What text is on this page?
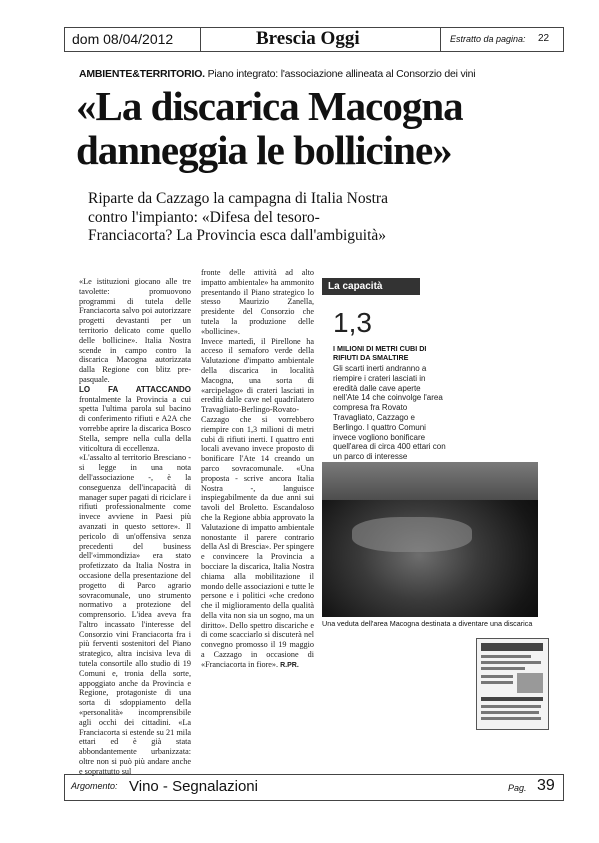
dom 08/04/2012	Brescia Oggi	Estratto da pagina: 22
AMBIENTE&TERRITORIO. Piano integrato: l'associazione allineata al Consorzio dei vini
«La discarica Macogna
danneggia le bollicine»
Riparte da Cazzago la campagna di Italia Nostra contro l'impianto: «Difesa del tesoro-Franciacorta? La Provincia esca dall'ambiguità»

«Le istituzioni giocano alle tre tavolette: promuovono programmi di tutela delle Franciacorta salvo poi autorizzare progetti devastanti per un territorio delicato come quello delle bollicine». Italia Nostra scende in campo contro la discarica Macogna autorizzata dalla Regione con blitz pre-pasquale.

LO FA ATTACCANDO frontalmente la Provincia a cui spetta l'ultima parola sul bacino di conferimento rifiuti e A2A che vorrebbe aprire la discarica Bosco Stella, sempre nella culla della viticoltura di eccellenza.

«L'assalto al territorio Bresciano - si legge in una nota dell'associazione -, è la conseguenza dell'incapacità di manager super pagati di riciclare i rifiuti professionalmente come invece avviene in Paesi più avanzati in questo settore». Il pericolo di un'offensiva senza precedenti del business dell'«immondizia» era stato profetizzato da Italia Nostra in occasione della presentazione del progetto di Parco agrario sovracomunale, uno strumento normativo a protezione del comprensorio. L'idea aveva fra l'altro incassato l'interesse del Consorzio vini Franciacorta fra i più ferventi sostenitori del Piano strategico, altra incisiva leva di tutela consortile allo studio di 19 Comuni e, tronia della sorte, appoggiato anche da Provincia e Regione, protagoniste di una sorta di sdoppiamento della «personalità» incomprensibile agli occhi dei cittadini. «La Franciacorta si estende su 21 mila ettari ed è già stata abbondantemente urbanizzata: oltre non si può più andare anche e soprattutto sul

fronte delle attività ad alto impatto ambientale» ha ammonito presentando il Piano strategico lo stesso Maurizio Zanella, presidente del Consorzio che tutela la produzione delle «bollicine».

Invece martedì, il Pirellone ha acceso il semaforo verde della Valutazione d'impatto ambientale della discarica in località Macogna, una sorta di «arcipelago» di crateri lasciati in eredità dalle cave nel quadrilatero Travagliato-Berlingo-Rovato-Cazzago che si vorrebbero riempire con 1,3 milioni di metri cubi di rifiuti inerti. I quattro enti locali avevano invece proposto di bonificare l'Ate 14 creando un parco sovracomunale. «Una proposta - scrive ancora Italia Nostra -, languisce inspiegabilmente da due anni sui tavoli del Broletto. Escandaloso che la Regione abbia approvato la Valutazione di impatto ambientale nonostante il parere contrario della Asl di Brescia». Per spingere e convincere la Provincia a bocciare la discarica, Italia Nostra chiama alla mobilitazione il mondo delle associazioni e tutte le persone e i politici «che credono che il miglioramento della qualità della vita non sia un sogno, ma un diritto». Dello spettro discariche e di come scacciarlo si discuterà nel convegno promosso il 19 maggio a Cazzago in occasione di «Franciacorta in fiore». R.PR.

La capacità
1,3
I MILIONI DI METRI CUBI DI RIFIUTI DA SMALTIRE
Gli scarti inerti andranno a riempire i crateri lasciati in eredità dalle cave aperte nell'Ate 14 che coinvolge l'area compresa fra Rovato Travagliato, Cazzago e Berlingo. I quattro Comuni invece vogliono bonificare quell'area di circa 400 ettari con un parco di interesse
Una veduta dell'area Macogna destinata a diventare una discarica
Argomento: Vino - Segnalazioni	Pag. 39
